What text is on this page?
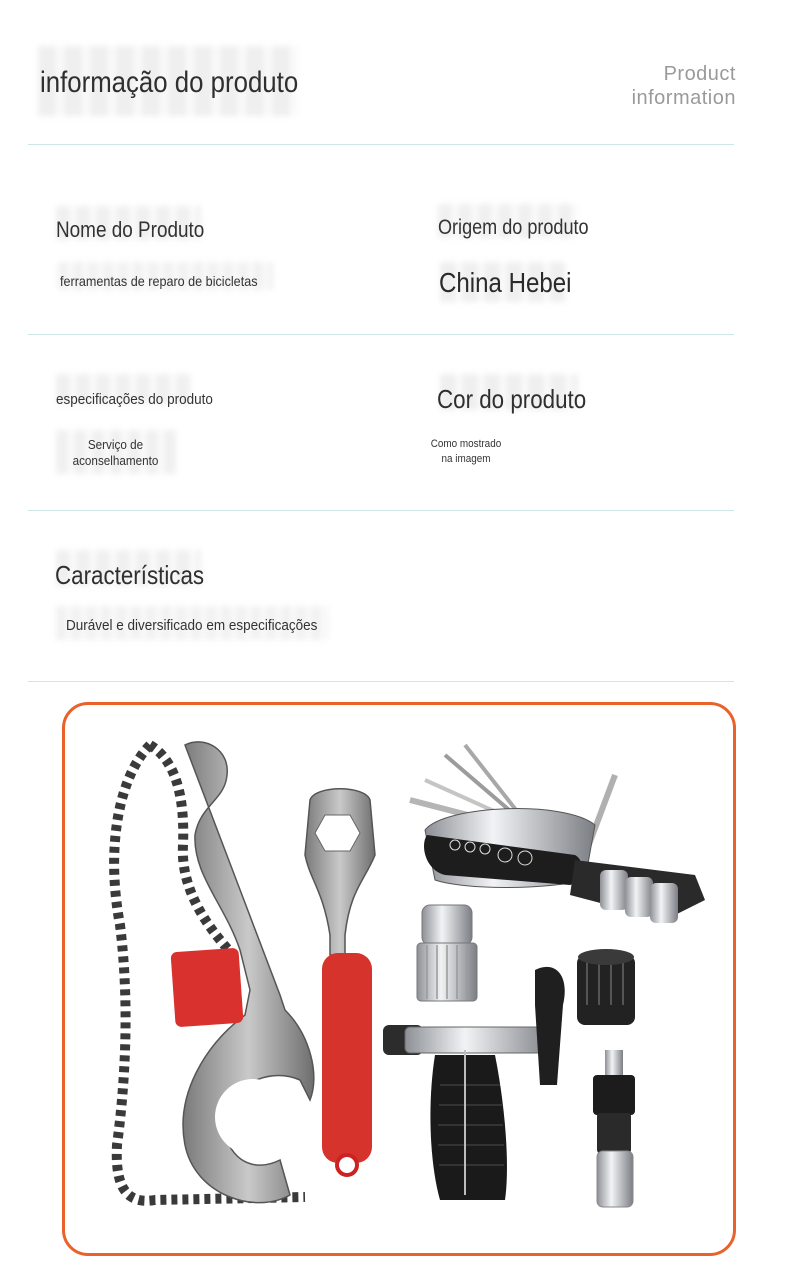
informação do produto	Product
information
Nome do Produto
ferramentas de reparo de bicicletas
Origem do produto
China Hebei
especificações do produto
Serviço de
aconselhamento
Cor do produto
Como mostrado
na imagem
Características
Durável e diversificado em especificações
